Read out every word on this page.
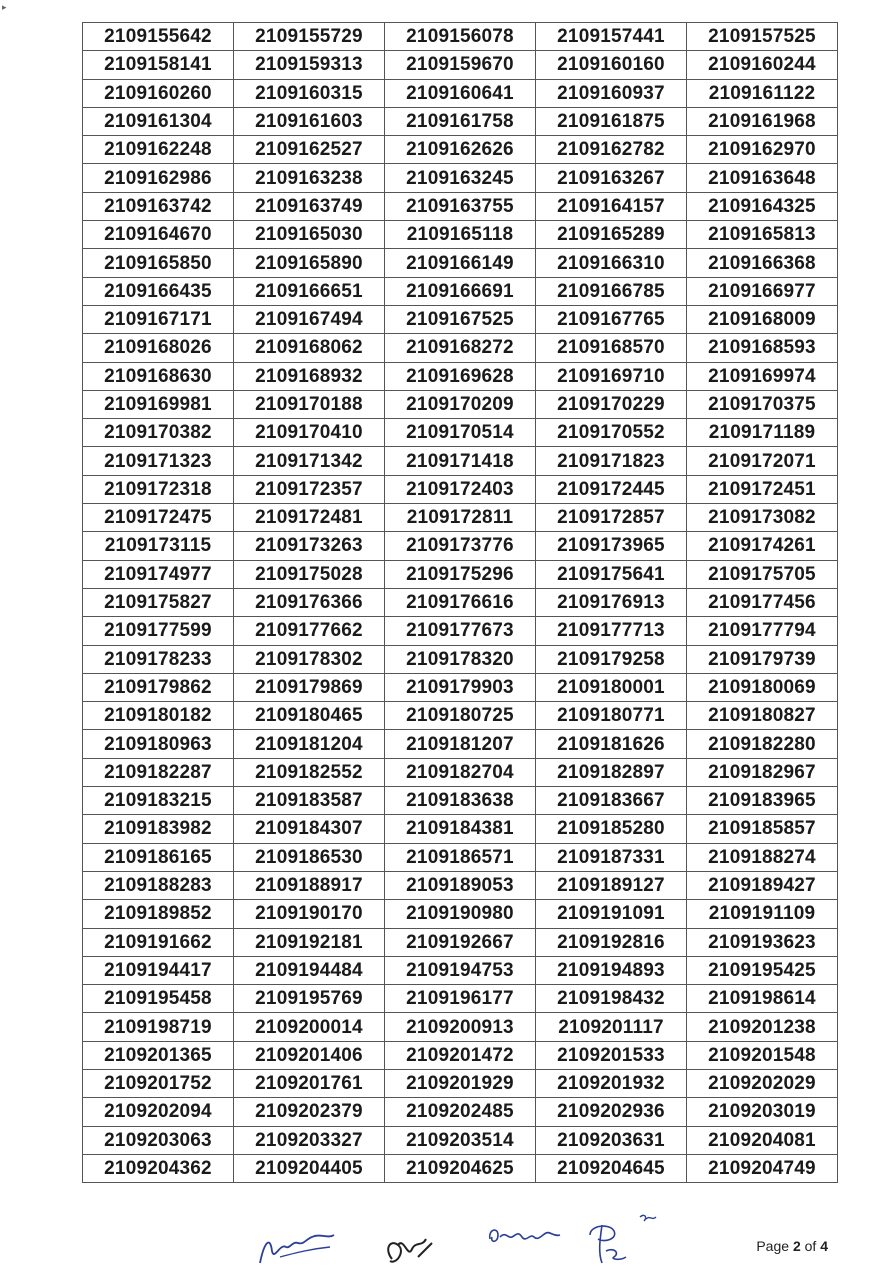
▸
2109155642	2109155729	2109156078	2109157441	2109157525
2109158141	2109159313	2109159670	2109160160	2109160244
2109160260	2109160315	2109160641	2109160937	2109161122
2109161304	2109161603	2109161758	2109161875	2109161968
2109162248	2109162527	2109162626	2109162782	2109162970
2109162986	2109163238	2109163245	2109163267	2109163648
2109163742	2109163749	2109163755	2109164157	2109164325
2109164670	2109165030	2109165118	2109165289	2109165813
2109165850	2109165890	2109166149	2109166310	2109166368
2109166435	2109166651	2109166691	2109166785	2109166977
2109167171	2109167494	2109167525	2109167765	2109168009
2109168026	2109168062	2109168272	2109168570	2109168593
2109168630	2109168932	2109169628	2109169710	2109169974
2109169981	2109170188	2109170209	2109170229	2109170375
2109170382	2109170410	2109170514	2109170552	2109171189
2109171323	2109171342	2109171418	2109171823	2109172071
2109172318	2109172357	2109172403	2109172445	2109172451
2109172475	2109172481	2109172811	2109172857	2109173082
2109173115	2109173263	2109173776	2109173965	2109174261
2109174977	2109175028	2109175296	2109175641	2109175705
2109175827	2109176366	2109176616	2109176913	2109177456
2109177599	2109177662	2109177673	2109177713	2109177794
2109178233	2109178302	2109178320	2109179258	2109179739
2109179862	2109179869	2109179903	2109180001	2109180069
2109180182	2109180465	2109180725	2109180771	2109180827
2109180963	2109181204	2109181207	2109181626	2109182280
2109182287	2109182552	2109182704	2109182897	2109182967
2109183215	2109183587	2109183638	2109183667	2109183965
2109183982	2109184307	2109184381	2109185280	2109185857
2109186165	2109186530	2109186571	2109187331	2109188274
2109188283	2109188917	2109189053	2109189127	2109189427
2109189852	2109190170	2109190980	2109191091	2109191109
2109191662	2109192181	2109192667	2109192816	2109193623
2109194417	2109194484	2109194753	2109194893	2109195425
2109195458	2109195769	2109196177	2109198432	2109198614
2109198719	2109200014	2109200913	2109201117	2109201238
2109201365	2109201406	2109201472	2109201533	2109201548
2109201752	2109201761	2109201929	2109201932	2109202029
2109202094	2109202379	2109202485	2109202936	2109203019
2109203063	2109203327	2109203514	2109203631	2109204081
2109204362	2109204405	2109204625	2109204645	2109204749
Page 2 of 4
